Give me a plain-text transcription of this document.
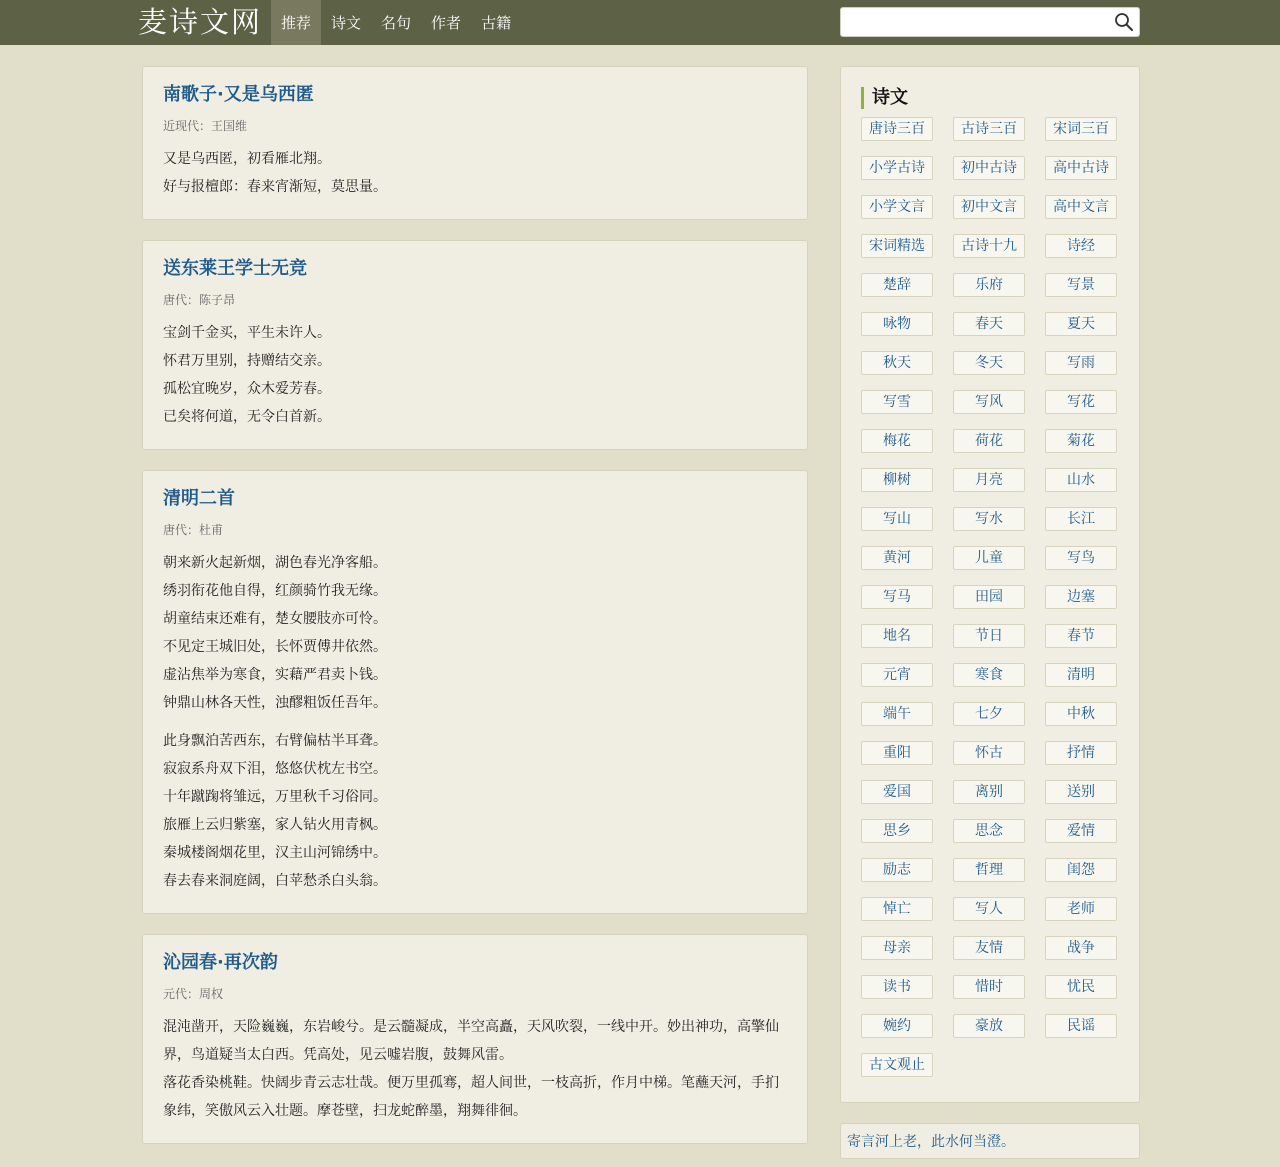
麦诗文网	推荐	诗文	名句	作者	古籍
南歌子·又是乌西匿
近现代：王国维
又是乌西匿，初看雁北翔。
好与报檀郎：春来宵渐短，莫思量。
送东莱王学士无竞
唐代：陈子昂
宝剑千金买，平生未许人。
怀君万里别，持赠结交亲。
孤松宜晚岁，众木爱芳春。
已矣将何道，无令白首新。
清明二首
唐代：杜甫
朝来新火起新烟，湖色春光净客船。
绣羽衔花他自得，红颜骑竹我无缘。
胡童结束还难有，楚女腰肢亦可怜。
不见定王城旧处，长怀贾傅井依然。
虚沾焦举为寒食，实藉严君卖卜钱。
钟鼎山林各天性，浊醪粗饭任吾年。
此身飘泊苦西东，右臂偏枯半耳聋。
寂寂系舟双下泪，悠悠伏枕左书空。
十年蹴踘将雏远，万里秋千习俗同。
旅雁上云归紫塞，家人钻火用青枫。
秦城楼阁烟花里，汉主山河锦绣中。
春去春来洞庭阔，白苹愁杀白头翁。
沁园春·再次韵
元代：周权
混沌凿开，天险巍巍，东岩峻兮。是云髓凝成，半空高矗，天风吹裂，一线中开。妙出神功，高擎仙界，鸟道疑当太白西。凭高处，见云嘘岩腹，鼓舞风雷。
落花香染桃鞋。快阔步青云志壮哉。便万里孤骞，超人间世，一枝高折，作月中梯。笔蘸天河，手扪象纬，笑傲风云入壮题。摩苍壁，扫龙蛇醉墨，翔舞徘徊。
诗文
唐诗三百	古诗三百	宋词三百
小学古诗	初中古诗	高中古诗
小学文言	初中文言	高中文言
宋词精选	古诗十九	诗经
楚辞	乐府	写景
咏物	春天	夏天
秋天	冬天	写雨
写雪	写风	写花
梅花	荷花	菊花
柳树	月亮	山水
写山	写水	长江
黄河	儿童	写鸟
写马	田园	边塞
地名	节日	春节
元宵	寒食	清明
端午	七夕	中秋
重阳	怀古	抒情
爱国	离别	送别
思乡	思念	爱情
励志	哲理	闺怨
悼亡	写人	老师
母亲	友情	战争
读书	惜时	忧民
婉约	豪放	民谣
古文观止
寄言河上老，此水何当澄。
